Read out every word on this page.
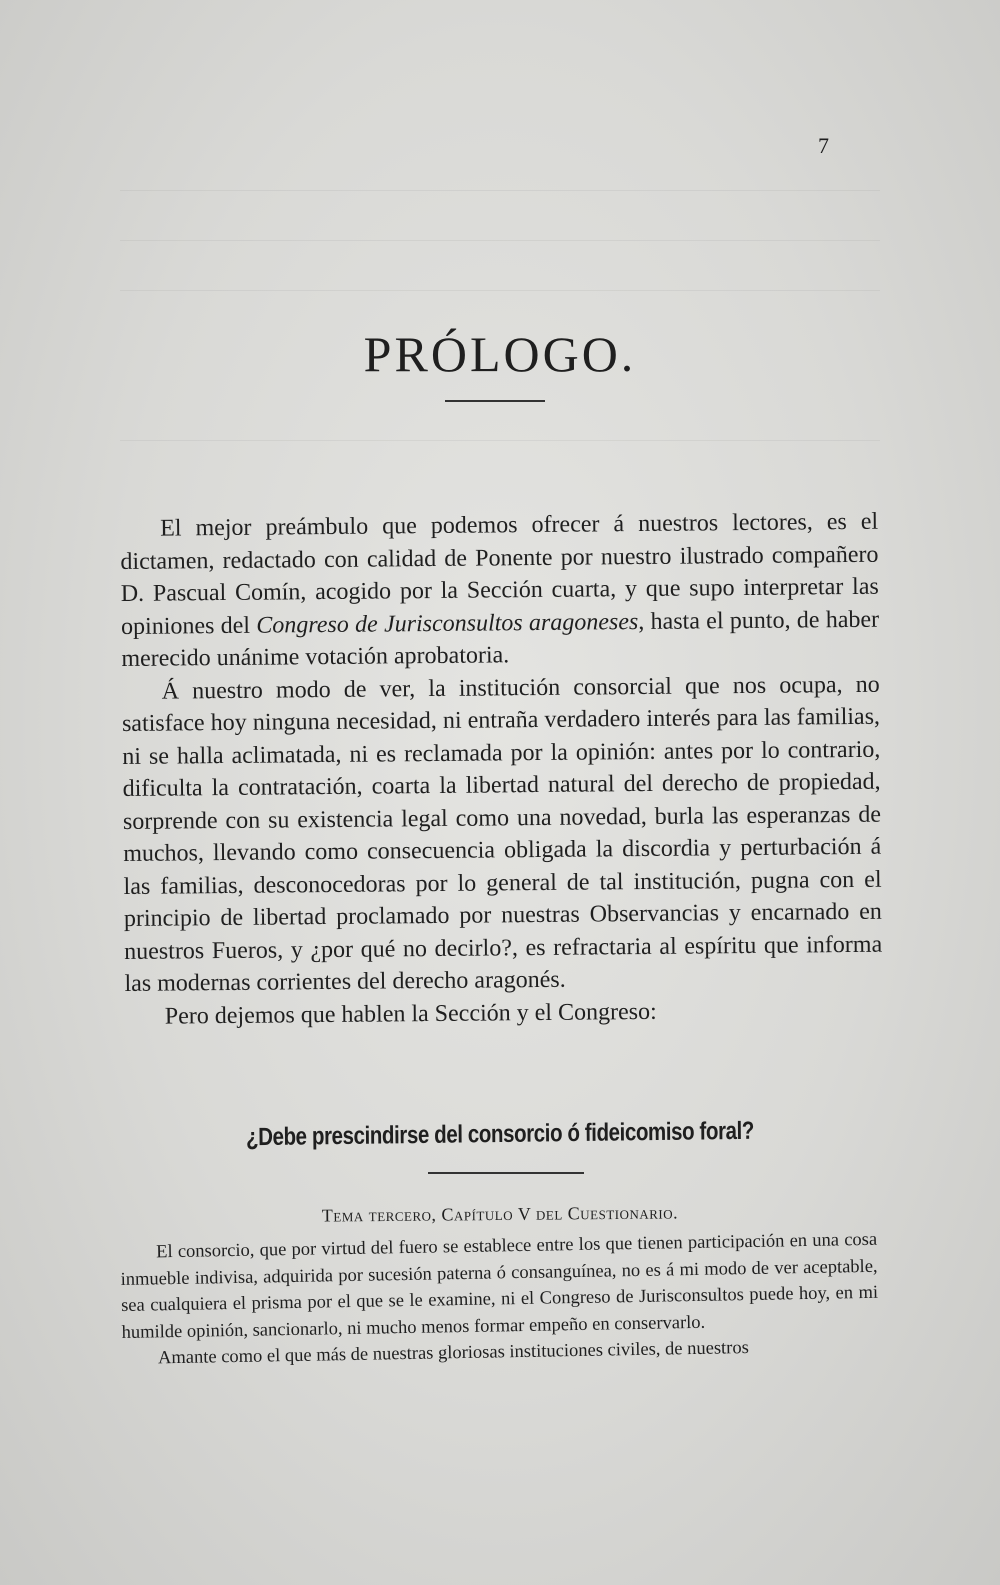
7
PRÓLOGO.

El mejor preámbulo que podemos ofrecer á nuestros lectores, es el dictamen, redactado con calidad de Ponente por nuestro ilustrado compañero D. Pascual Comín, acogido por la Sección cuarta, y que supo interpretar las opiniones del Congreso de Jurisconsultos aragoneses, hasta el punto, de haber merecido unánime votación aprobatoria.

Á nuestro modo de ver, la institución consorcial que nos ocupa, no satisface hoy ninguna necesidad, ni entraña verdadero interés para las familias, ni se halla aclimatada, ni es reclamada por la opinión: antes por lo contrario, dificulta la contratación, coarta la libertad natural del derecho de propiedad, sorprende con su existencia legal como una novedad, burla las esperanzas de muchos, llevando como consecuencia obligada la discordia y perturbación á las familias, desconocedoras por lo general de tal institución, pugna con el principio de libertad proclamado por nuestras Observancias y encarnado en nuestros Fueros, y ¿por qué no decirlo?, es refractaria al espíritu que informa las modernas corrientes del derecho aragonés.

Pero dejemos que hablen la Sección y el Congreso:

¿Debe prescindirse del consorcio ó fideicomiso foral?
Tema tercero, Capítulo V del Cuestionario.

El consorcio, que por virtud del fuero se establece entre los que tienen participación en una cosa inmueble indivisa, adquirida por sucesión paterna ó consanguínea, no es á mi modo de ver aceptable, sea cualquiera el prisma por el que se le examine, ni el Congreso de Jurisconsultos puede hoy, en mi humilde opinión, sancionarlo, ni mucho menos formar empeño en conservarlo.

Amante como el que más de nuestras gloriosas instituciones civiles, de nuestros
